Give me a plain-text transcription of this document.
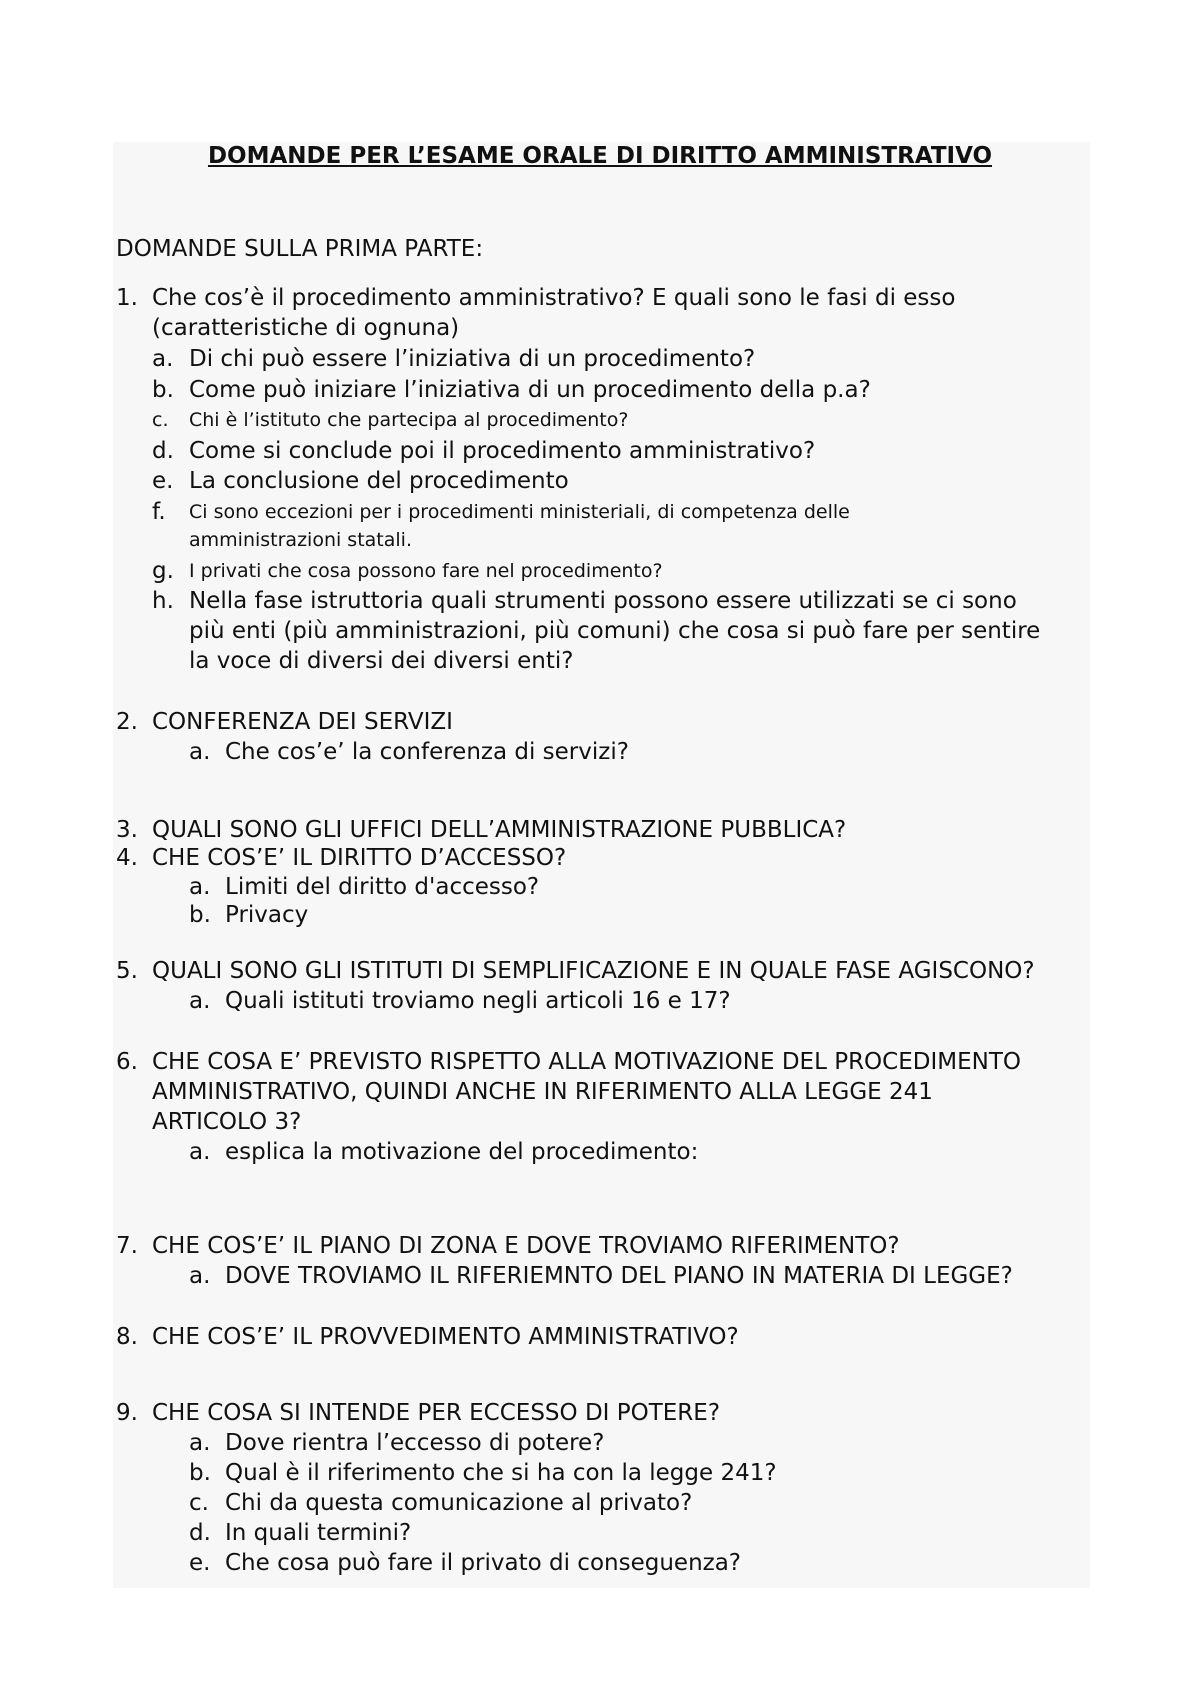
DOMANDE PER L’ESAME ORALE DI DIRITTO AMMINISTRATIVO
DOMANDE SULLA PRIMA PARTE:
1. Che cos’è il procedimento amministrativo? E quali sono le fasi di esso
(caratteristiche di ognuna)
a. Di chi può essere l’iniziativa di un procedimento?
b. Come può iniziare l’iniziativa di un procedimento della p.a?
c. Chi è l’istituto che partecipa al procedimento?
d. Come si conclude poi il procedimento amministrativo?
e. La conclusione del procedimento
f. Ci sono eccezioni per i procedimenti ministeriali, di competenza delle
amministrazioni statali.
g. I privati che cosa possono fare nel procedimento?
h. Nella fase istruttoria quali strumenti possono essere utilizzati se ci sono
più enti (più amministrazioni, più comuni) che cosa si può fare per sentire
la voce di diversi dei diversi enti?
2. CONFERENZA DEI SERVIZI
a. Che cos’e’ la conferenza di servizi?
3. QUALI SONO GLI UFFICI DELL’AMMINISTRAZIONE PUBBLICA?
4. CHE COS’E’ IL DIRITTO D’ACCESSO?
a. Limiti del diritto d'accesso?
b. Privacy
5. QUALI SONO GLI ISTITUTI DI SEMPLIFICAZIONE E IN QUALE FASE AGISCONO?
a. Quali istituti troviamo negli articoli 16 e 17?
6. CHE COSA E’ PREVISTO RISPETTO ALLA MOTIVAZIONE DEL PROCEDIMENTO
AMMINISTRATIVO, QUINDI ANCHE IN RIFERIMENTO ALLA LEGGE 241
ARTICOLO 3?
a. esplica la motivazione del procedimento:
7. CHE COS’E’ IL PIANO DI ZONA E DOVE TROVIAMO RIFERIMENTO?
a. DOVE TROVIAMO IL RIFERIEMNTO DEL PIANO IN MATERIA DI LEGGE?
8. CHE COS’E’ IL PROVVEDIMENTO AMMINISTRATIVO?
9. CHE COSA SI INTENDE PER ECCESSO DI POTERE?
a. Dove rientra l’eccesso di potere?
b. Qual è il riferimento che si ha con la legge 241?
c. Chi da questa comunicazione al privato?
d. In quali termini?
e. Che cosa può fare il privato di conseguenza?
